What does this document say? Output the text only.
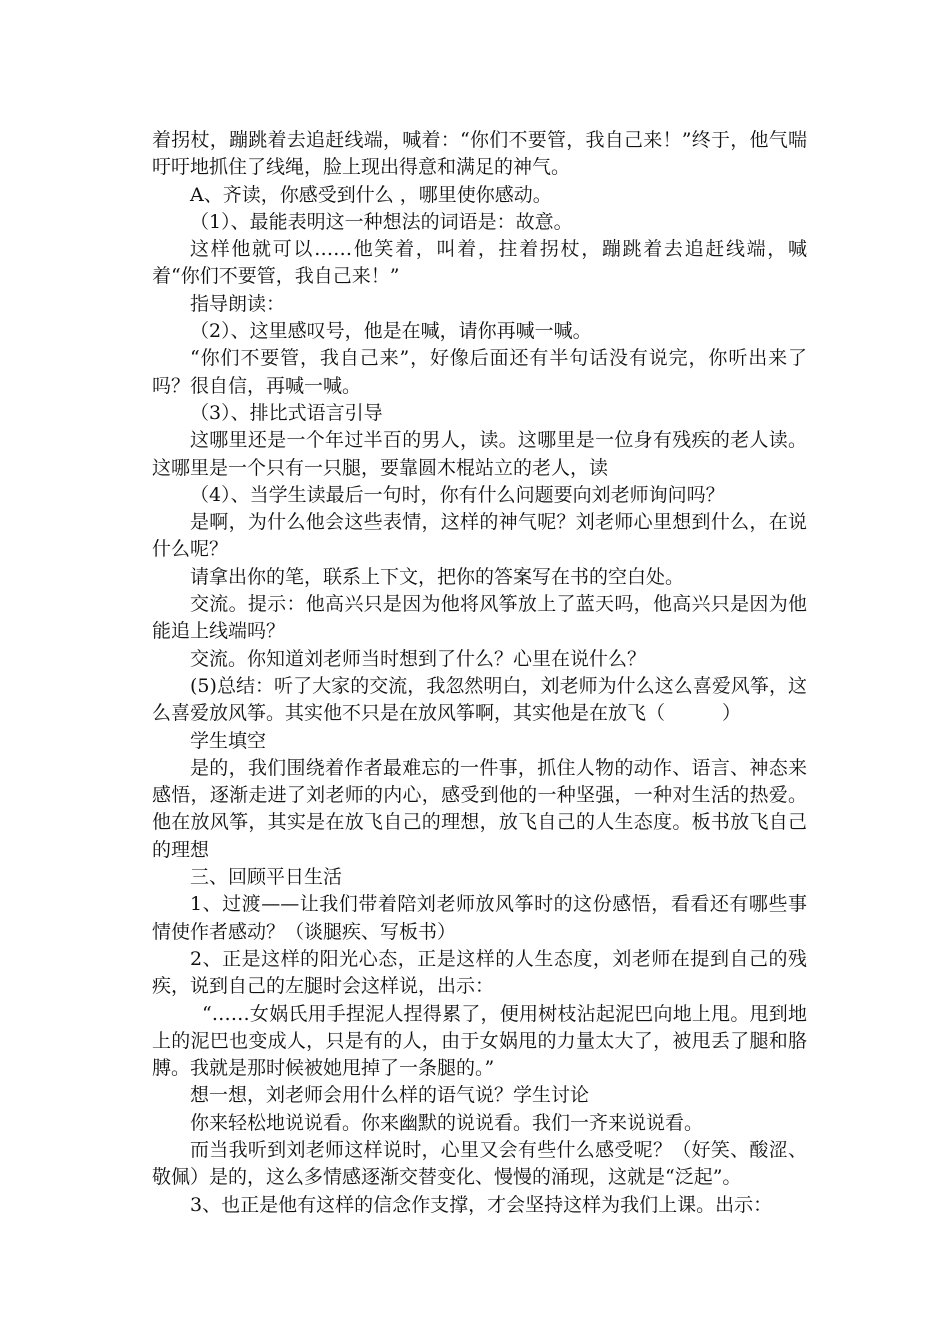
着拐杖，蹦跳着去追赶线端，喊着：“你们不要管，我自己来！”终于，他气喘吁吁地抓住了线绳，脸上现出得意和满足的神气。

A、齐读，你感受到什么 ，哪里使你感动。

（1）、最能表明这一种想法的词语是：故意。

这样他就可以……他笑着，叫着，拄着拐杖，蹦跳着去追赶线端，喊着“你们不要管，我自己来！”

指导朗读：

（2）、这里感叹号，他是在喊，请你再喊一喊。

“你们不要管，我自己来”，好像后面还有半句话没有说完，你听出来了吗？很自信，再喊一喊。

（3）、排比式语言引导

这哪里还是一个年过半百的男人，读。这哪里是一位身有残疾的老人读。这哪里是一个只有一只腿，要靠圆木棍站立的老人，读

（4）、当学生读最后一句时，你有什么问题要向刘老师询问吗？

是啊，为什么他会这些表情，这样的神气呢？刘老师心里想到什么，在说什么呢？

请拿出你的笔，联系上下文，把你的答案写在书的空白处。

交流。提示：他高兴只是因为他将风筝放上了蓝天吗，他高兴只是因为他能追上线端吗？

交流。你知道刘老师当时想到了什么？心里在说什么？

(5)总结：听了大家的交流，我忽然明白，刘老师为什么这么喜爱风筝，这么喜爱放风筝。其实他不只是在放风筝啊，其实他是在放飞（　　　）

学生填空

是的，我们围绕着作者最难忘的一件事，抓住人物的动作、语言、神态来感悟，逐渐走进了刘老师的内心，感受到他的一种坚强，一种对生活的热爱。他在放风筝，其实是在放飞自己的理想，放飞自己的人生态度。板书放飞自己的理想

三、回顾平日生活

1、过渡——让我们带着陪刘老师放风筝时的这份感悟，看看还有哪些事情使作者感动？（谈腿疾、写板书）

2、正是这样的阳光心态，正是这样的人生态度，刘老师在提到自己的残疾，说到自己的左腿时会这样说，出示：

“……女娲氏用手捏泥人捏得累了，便用树枝沾起泥巴向地上甩。甩到地上的泥巴也变成人，只是有的人，由于女娲甩的力量太大了，被甩丢了腿和胳膊。我就是那时候被她甩掉了一条腿的。”

想一想，刘老师会用什么样的语气说？学生讨论

你来轻松地说说看。你来幽默的说说看。我们一齐来说说看。

而当我听到刘老师这样说时，心里又会有些什么感受呢？（好笑、酸涩、敬佩）是的，这么多情感逐渐交替变化、慢慢的涌现，这就是“泛起”。

3、也正是他有这样的信念作支撑，才会坚持这样为我们上课。出示：
